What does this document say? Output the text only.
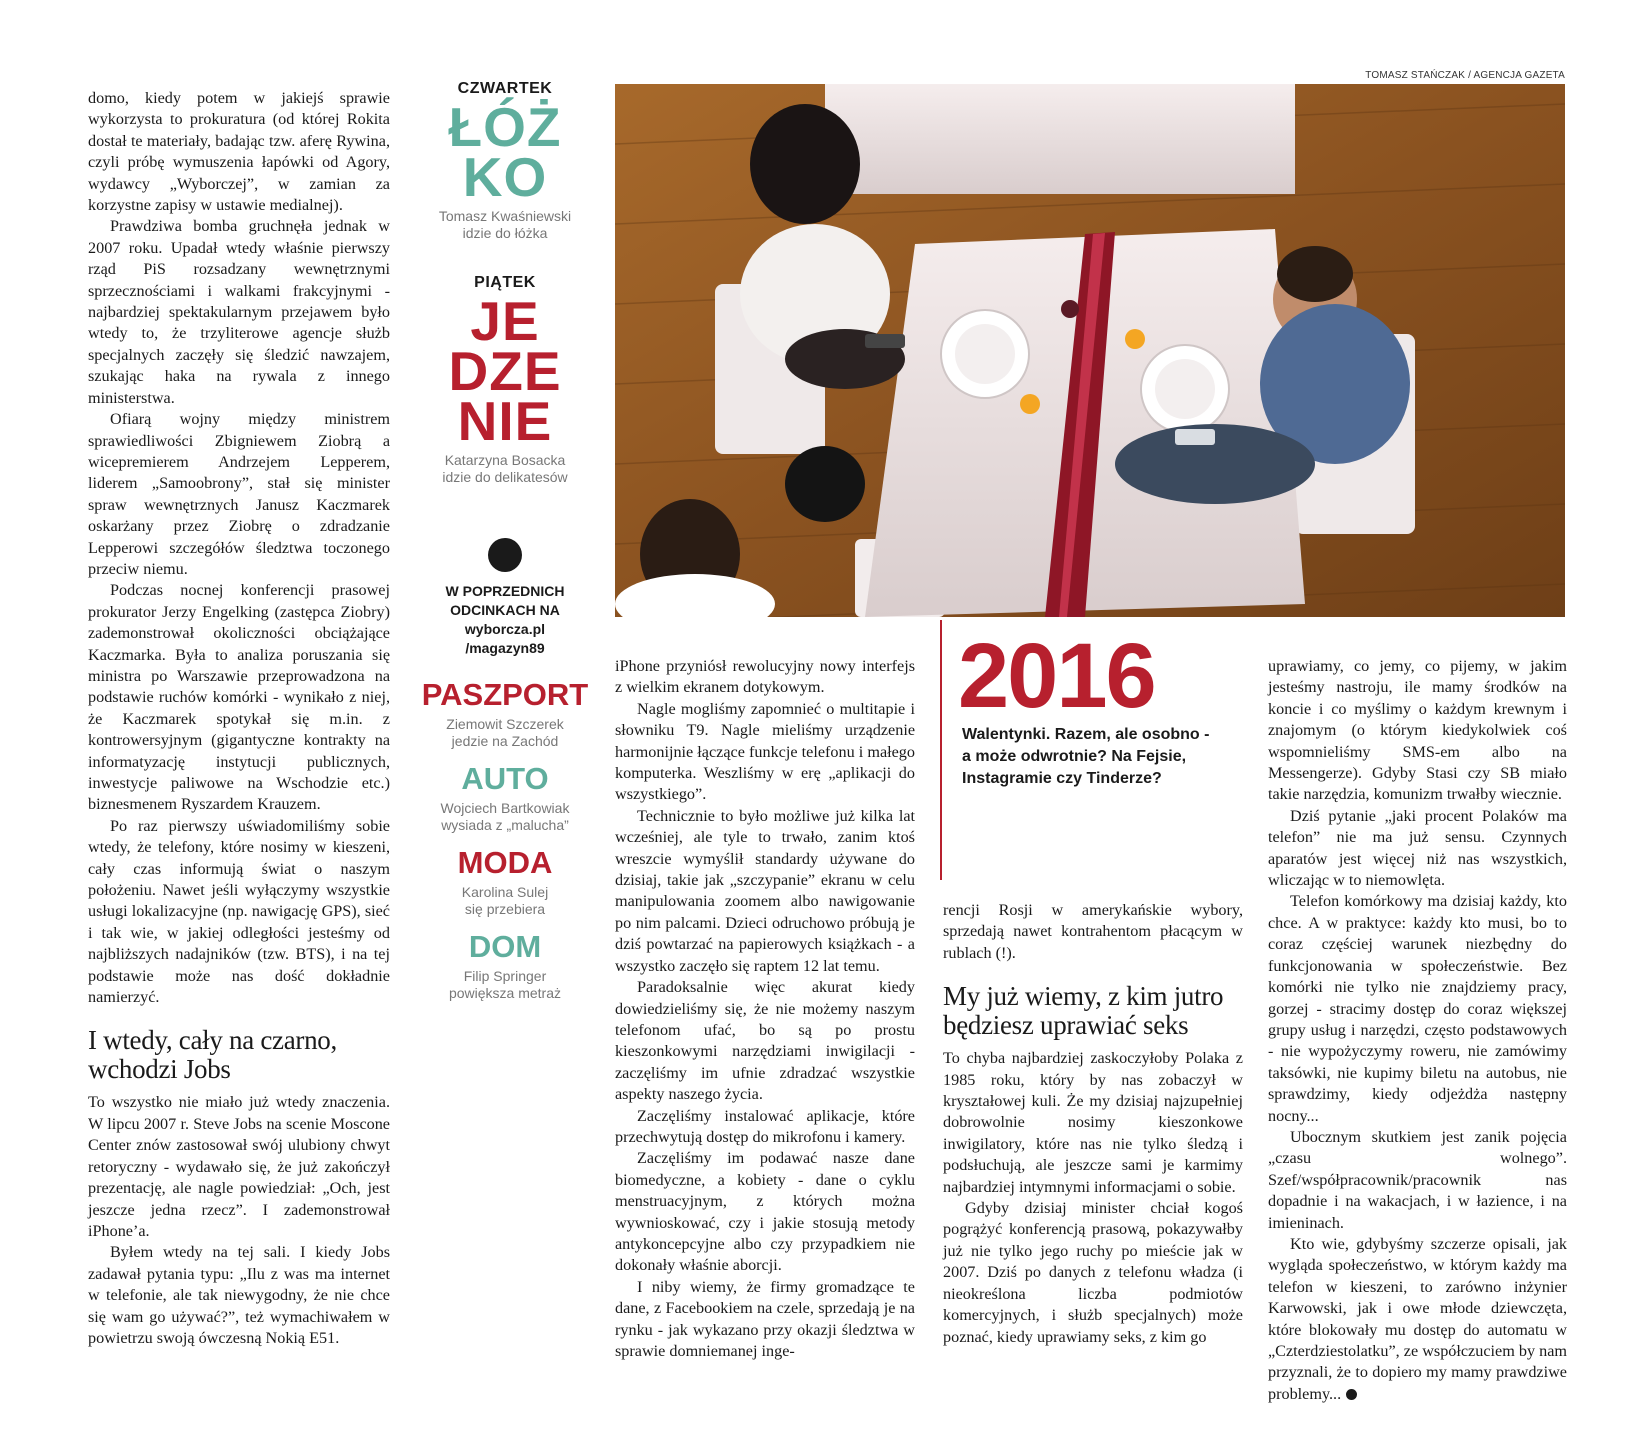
domo, kiedy potem w jakiejś sprawie wykorzysta to prokuratura (od której Rokita dostał te materiały, badając tzw. aferę Rywina, czyli próbę wymuszenia łapówki od Agory, wydawcy „Wyborczej”, w zamian za korzystne zapisy w ustawie medialnej).

Prawdziwa bomba gruchnęła jednak w 2007 roku. Upadał wtedy właśnie pierwszy rząd PiS rozsadzany wewnętrznymi sprzecznościami i walkami frakcyjnymi - najbardziej spektakularnym przejawem było wtedy to, że trzyliterowe agencje służb specjalnych zaczęły się śledzić nawzajem, szukając haka na rywala z innego ministerstwa.

Ofiarą wojny między ministrem sprawiedliwości Zbigniewem Ziobrą a wicepremierem Andrzejem Lepperem, liderem „Samoobrony”, stał się minister spraw wewnętrznych Janusz Kaczmarek oskarżany przez Ziobrę o zdradzanie Lepperowi szczegółów śledztwa toczonego przeciw niemu.

Podczas nocnej konferencji prasowej prokurator Jerzy Engelking (zastępca Ziobry) zademonstrował okoliczności obciążające Kaczmarka. Była to analiza poruszania się ministra po Warszawie przeprowadzona na podstawie ruchów komórki - wynikało z niej, że Kaczmarek spotykał się m.in. z kontrowersyjnym (gigantyczne kontrakty na informatyzację instytucji publicznych, inwestycje paliwowe na Wschodzie etc.) biznesmenem Ryszardem Krauzem.

Po raz pierwszy uświadomiliśmy sobie wtedy, że telefony, które nosimy w kieszeni, cały czas informują świat o naszym położeniu. Nawet jeśli wyłączymy wszystkie usługi lokalizacyjne (np. nawigację GPS), sieć i tak wie, w jakiej odległości jesteśmy od najbliższych nadajników (tzw. BTS), i na tej podstawie może nas dość dokładnie namierzyć.

I wtedy, cały na czarno, wchodzi Jobs

To wszystko nie miało już wtedy znaczenia. W lipcu 2007 r. Steve Jobs na scenie Moscone Center znów zastosował swój ulubiony chwyt retoryczny - wydawało się, że już zakończył prezentację, ale nagle powiedział: „Och, jest jeszcze jedna rzecz”. I zademonstrował iPhone’a.

Byłem wtedy na tej sali. I kiedy Jobs zadawał pytania typu: „Ilu z was ma internet w telefonie, ale tak niewygodny, że nie chce się wam go używać?”, też wymachiwałem w powietrzu swoją ówczesną Nokią E51.

CZWARTEK
ŁÓŻ
KO
Tomasz Kwaśniewski
idzie do łóżka
PIĄTEK
JE
DZE
NIE
Katarzyna Bosacka
idzie do delikatesów
W POPRZEDNICH
ODCINKACH NA
wyborcza.pl
/magazyn89
PASZPORT
Ziemowit Szczerek
jedzie na Zachód
AUTO
Wojciech Bartkowiak
wysiada z „malucha”
MODA
Karolina Sulej
się przebiera
DOM
Filip Springer
powiększa metraż
TOMASZ STAŃCZAK / AGENCJA GAZETA
2016
Walentynki. Razem, ale osobno - a może odwrotnie? Na Fejsie, Instagramie czy Tinderze?

iPhone przyniósł rewolucyjny nowy interfejs z wielkim ekranem dotykowym.

Nagle mogliśmy zapomnieć o multitapie i słowniku T9. Nagle mieliśmy urządzenie harmonijnie łączące funkcje telefonu i małego komputerka. Weszliśmy w erę „aplikacji do wszystkiego”.

Technicznie to było możliwe już kilka lat wcześniej, ale tyle to trwało, zanim ktoś wreszcie wymyślił standardy używane do dzisiaj, takie jak „szczypanie” ekranu w celu manipulowania zoomem albo nawigowanie po nim palcami. Dzieci odruchowo próbują je dziś powtarzać na papierowych książkach - a wszystko zaczęło się raptem 12 lat temu.

Paradoksalnie więc akurat kiedy dowiedzieliśmy się, że nie możemy naszym telefonom ufać, bo są po prostu kieszonkowymi narzędziami inwigilacji - zaczęliśmy im ufnie zdradzać wszystkie aspekty naszego życia.

Zaczęliśmy instalować aplikacje, które przechwytują dostęp do mikrofonu i kamery.

Zaczęliśmy im podawać nasze dane biomedyczne, a kobiety - dane o cyklu menstruacyjnym, z których można wywnioskować, czy i jakie stosują metody antykoncepcyjne albo czy przypadkiem nie dokonały właśnie aborcji.

I niby wiemy, że firmy gromadzące te dane, z Facebookiem na czele, sprzedają je na rynku - jak wykazano przy okazji śledztwa w sprawie domniemanej inge-

rencji Rosji w amerykańskie wybory, sprzedają nawet kontrahentom płacącym w rublach (!).

My już wiemy, z kim jutro będziesz uprawiać seks

To chyba najbardziej zaskoczyłoby Polaka z 1985 roku, który by nas zobaczył w kryształowej kuli. Że my dzisiaj najzupełniej dobrowolnie nosimy kieszonkowe inwigilatory, które nas nie tylko śledzą i podsłuchują, ale jeszcze sami je karmimy najbardziej intymnymi informacjami o sobie.

Gdyby dzisiaj minister chciał kogoś pogrążyć konferencją prasową, pokazywałby już nie tylko jego ruchy po mieście jak w 2007. Dziś po danych z telefonu władza (i nieokreślona liczba podmiotów komercyjnych, i służb specjalnych) może poznać, kiedy uprawiamy seks, z kim go

uprawiamy, co jemy, co pijemy, w jakim jesteśmy nastroju, ile mamy środków na koncie i co myślimy o każdym krewnym i znajomym (o którym kiedykolwiek coś wspomnieliśmy SMS-em albo na Messengerze). Gdyby Stasi czy SB miało takie narzędzia, komunizm trwałby wiecznie.

Dziś pytanie „jaki procent Polaków ma telefon” nie ma już sensu. Czynnych aparatów jest więcej niż nas wszystkich, wliczając w to niemowlęta.

Telefon komórkowy ma dzisiaj każdy, kto chce. A w praktyce: każdy kto musi, bo to coraz częściej warunek niezbędny do funkcjonowania w społeczeństwie. Bez komórki nie tylko nie znajdziemy pracy, gorzej - stracimy dostęp do coraz większej grupy usług i narzędzi, często podstawowych - nie wypożyczymy roweru, nie zamówimy taksówki, nie kupimy biletu na autobus, nie sprawdzimy, kiedy odjeżdża następny nocny...

Ubocznym skutkiem jest zanik pojęcia „czasu wolnego”. Szef/współpracownik/pracownik nas dopadnie i na wakacjach, i w łazience, i na imieninach.

Kto wie, gdybyśmy szczerze opisali, jak wygląda społeczeństwo, w którym każdy ma telefon w kieszeni, to zarówno inżynier Karwowski, jak i owe młode dziewczęta, które blokowały mu dostęp do automatu w „Czterdziestolatku”, ze współczuciem by nam przyznali, że to dopiero my mamy prawdziwe problemy...
